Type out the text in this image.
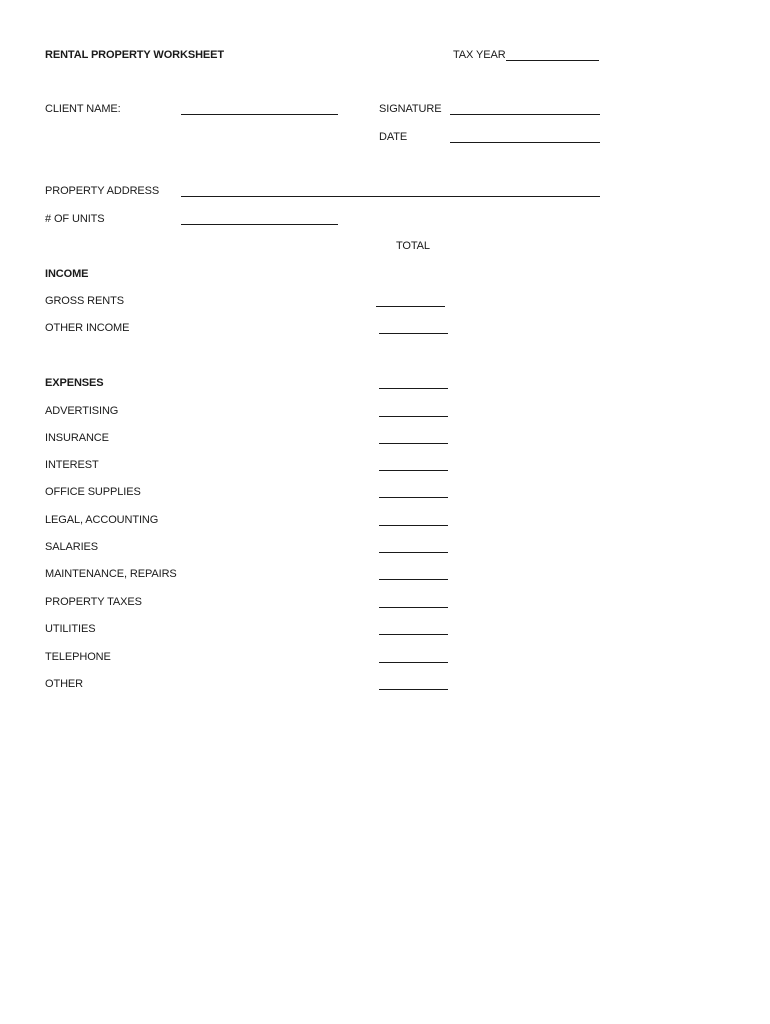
RENTAL PROPERTY WORKSHEET	TAX YEAR
CLIENT NAME:	SIGNATURE
DATE
PROPERTY ADDRESS
# OF UNITS
TOTAL
INCOME
GROSS RENTS
OTHER INCOME
EXPENSES
ADVERTISING
INSURANCE
INTEREST
OFFICE SUPPLIES
LEGAL, ACCOUNTING
SALARIES
MAINTENANCE, REPAIRS
PROPERTY TAXES
UTILITIES
TELEPHONE
OTHER
